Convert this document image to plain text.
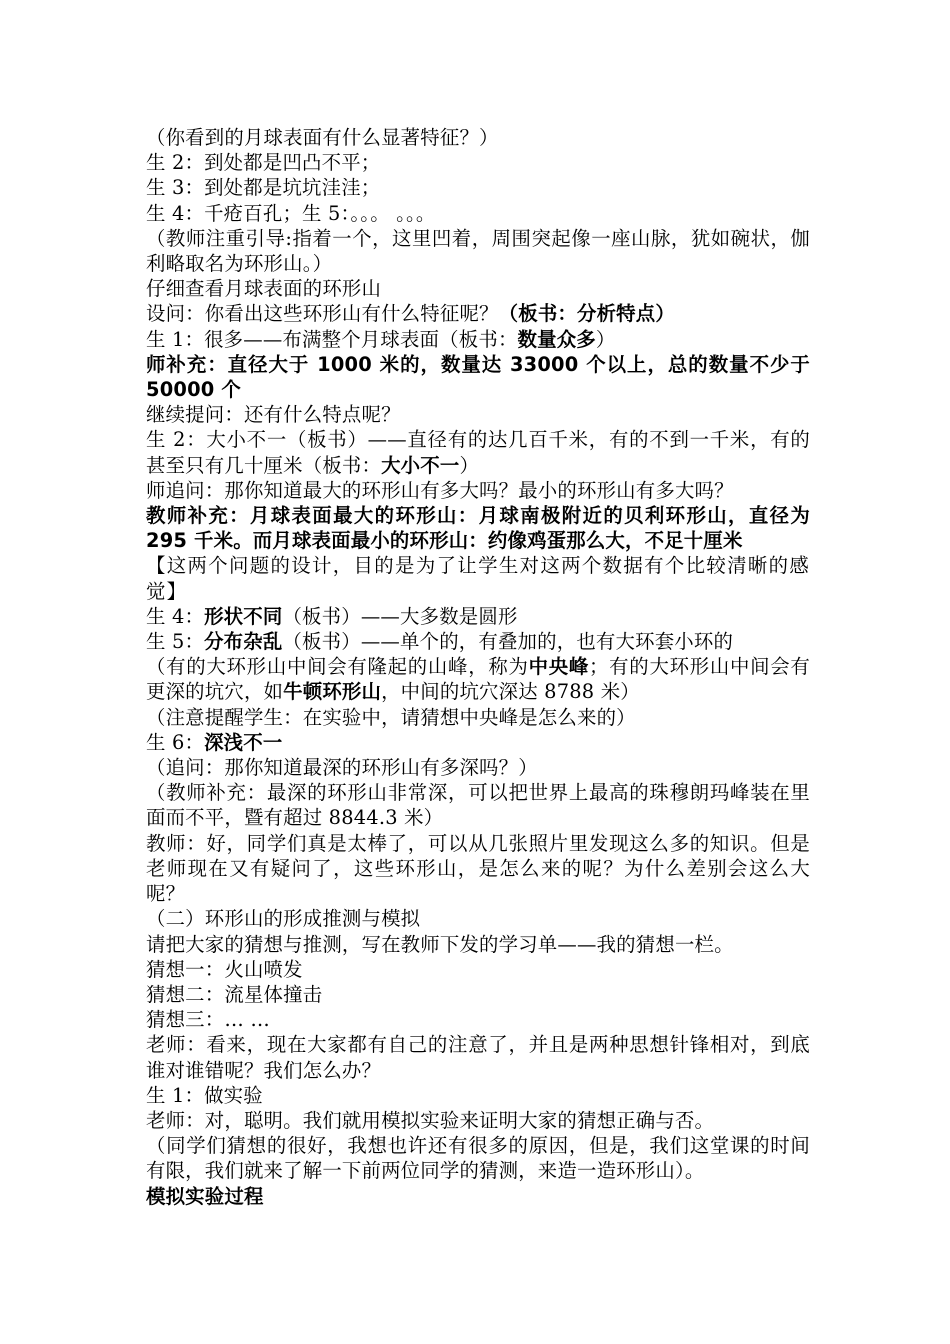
（你看到的月球表面有什么显著特征？）

生 2：到处都是凹凸不平；

生 3：到处都是坑坑洼洼；

生 4：千疮百孔；生 5：。。。 。。。

（教师注重引导:指着一个，这里凹着，周围突起像一座山脉，犹如碗状，伽利略取名为环形山。）

仔细查看月球表面的环形山

设问：你看出这些环形山有什么特征呢？（板书：分析特点）

生 1：很多——布满整个月球表面（板书：数量众多）

师补充：直径大于 1000 米的，数量达 33000 个以上，总的数量不少于 50000 个

继续提问：还有什么特点呢？

生 2：大小不一（板书）——直径有的达几百千米，有的不到一千米，有的甚至只有几十厘米（板书：大小不一）

师追问：那你知道最大的环形山有多大吗？最小的环形山有多大吗？

教师补充：月球表面最大的环形山：月球南极附近的贝利环形山，直径为 295 千米。而月球表面最小的环形山：约像鸡蛋那么大，不足十厘米

【这两个问题的设计，目的是为了让学生对这两个数据有个比较清晰的感觉】

生 4：形状不同（板书）——大多数是圆形

生 5：分布杂乱（板书）——单个的，有叠加的，也有大环套小环的

（有的大环形山中间会有隆起的山峰，称为中央峰；有的大环形山中间会有更深的坑穴，如牛顿环形山，中间的坑穴深达 8788 米）

（注意提醒学生：在实验中，请猜想中央峰是怎么来的）

生 6：深浅不一

（追问：那你知道最深的环形山有多深吗？）

（教师补充：最深的环形山非常深，可以把世界上最高的珠穆朗玛峰装在里面而不平，暨有超过 8844.3 米）

教师：好，同学们真是太棒了，可以从几张照片里发现这么多的知识。但是老师现在又有疑问了，这些环形山，是怎么来的呢？为什么差别会这么大呢？

（二）环形山的形成推测与模拟

请把大家的猜想与推测，写在教师下发的学习单——我的猜想一栏。

猜想一：火山喷发

猜想二：流星体撞击

猜想三：… …

老师：看来，现在大家都有自己的注意了，并且是两种思想针锋相对，到底谁对谁错呢？我们怎么办？

生 1：做实验

老师：对，聪明。我们就用模拟实验来证明大家的猜想正确与否。

（同学们猜想的很好，我想也许还有很多的原因，但是，我们这堂课的时间有限，我们就来了解一下前两位同学的猜测，来造一造环形山）。

模拟实验过程
